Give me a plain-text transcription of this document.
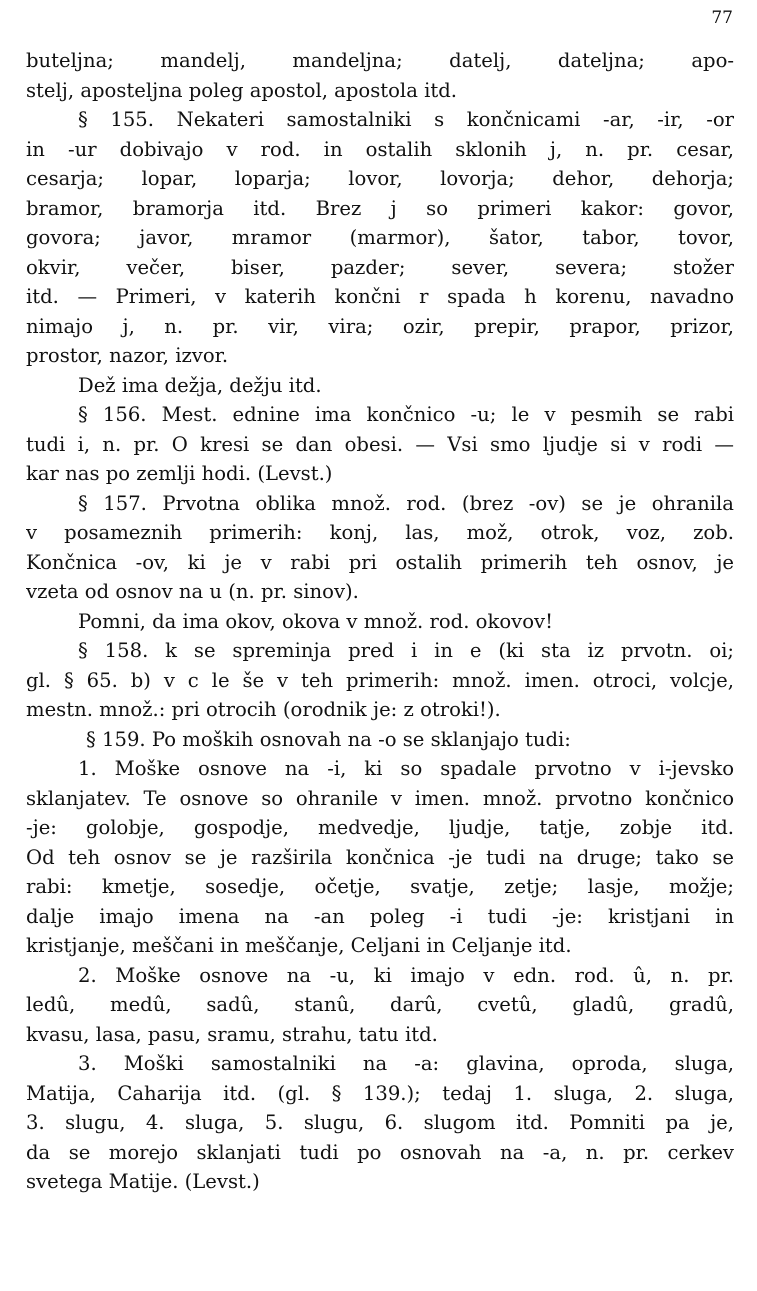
77
buteljna; mandelj, mandeljna; datelj, dateljna; apo-
stelj, aposteljna poleg apostol, apostola itd.
§ 155. Nekateri samostalniki s končnicami -ar, -ir, -or
in -ur dobivajo v rod. in ostalih sklonih j, n. pr. cesar,
cesarja; lopar, loparja; lovor, lovorja; dehor, dehorja;
bramor, bramorja itd. Brez j so primeri kakor: govor,
govora; javor, mramor (marmor), šator, tabor, tovor,
okvir, večer, biser, pazder; sever, severa; stožer
itd. — Primeri, v katerih končni r spada h korenu, navadno
nimajo j, n. pr. vir, vira; ozir, prepir, prapor, prizor,
prostor, nazor, izvor.
Dež ima dežja, dežju itd.
§ 156. Mest. ednine ima končnico -u; le v pesmih se rabi
tudi i, n. pr. O kresi se dan obesi. — Vsi smo ljudje si v rodi —
kar nas po zemlji hodi. (Levst.)
§ 157. Prvotna oblika množ. rod. (brez -ov) se je ohranila
v posameznih primerih: konj, las, mož, otrok, voz, zob.
Končnica -ov, ki je v rabi pri ostalih primerih teh osnov, je
vzeta od osnov na u (n. pr. sinov).
Pomni, da ima okov, okova v množ. rod. okovov!
§ 158. k se spreminja pred i in e (ki sta iz prvotn. oi;
gl. § 65. b) v c le še v teh primerih: množ. imen. otroci, volcje,
mestn. množ.: pri otrocih (orodnik je: z otroki!).
§ 159. Po moških osnovah na -o se sklanjajo tudi:
1. Moške osnove na -i, ki so spadale prvotno v i-jevsko
sklanjatev. Te osnove so ohranile v imen. množ. prvotno končnico
-je: golobje, gospodje, medvedje, ljudje, tatje, zobje itd.
Od teh osnov se je razširila končnica -je tudi na druge; tako se
rabi: kmetje, sosedje, očetje, svatje, zetje; lasje, možje;
dalje imajo imena na -an poleg -i tudi -je: kristjani in
kristjanje, meščani in meščanje, Celjani in Celjanje itd.
2. Moške osnove na -u, ki imajo v edn. rod. û, n. pr.
ledû, medû, sadû, stanû, darû, cvetû, gladû, gradû,
kvasu, lasa, pasu, sramu, strahu, tatu itd.
3. Moški samostalniki na -a: glavina, oproda, sluga,
Matija, Caharija itd. (gl. § 139.); tedaj 1. sluga, 2. sluga,
3. slugu, 4. sluga, 5. slugu, 6. slugom itd. Pomniti pa je,
da se morejo sklanjati tudi po osnovah na -a, n. pr. cerkev
svetega Matije. (Levst.)
